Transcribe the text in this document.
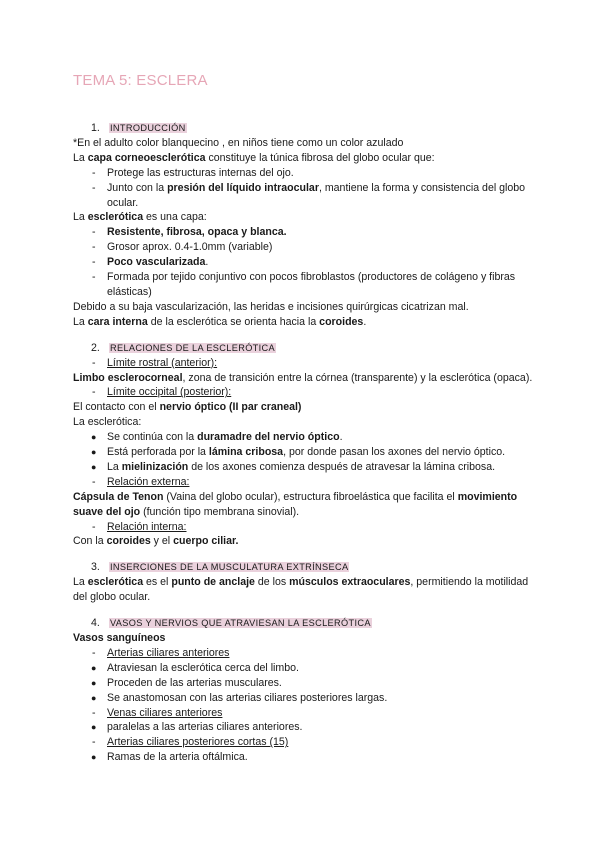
TEMA 5: ESCLERA
1. INTRODUCCIÓN
*En el adulto color blanquecino , en niños tiene como un color azulado
La capa corneoesclerótica constituye la túnica fibrosa del globo ocular que:
- Protege las estructuras internas del ojo.
- Junto con la presión del líquido intraocular, mantiene la forma y consistencia del globo ocular.
La esclerótica es una capa:
- Resistente, fibrosa, opaca y blanca.
- Grosor aprox. 0.4-1.0mm (variable)
- Poco vascularizada.
- Formada por tejido conjuntivo con pocos fibroblastos (productores de colágeno y fibras elásticas)
Debido a su baja vascularización, las heridas e incisiones quirúrgicas cicatrizan mal.
La cara interna de la esclerótica se orienta hacia la coroides.
2. RELACIONES DE LA ESCLERÓTICA
- Límite rostral (anterior):
Limbo esclerocorneal, zona de transición entre la córnea (transparente) y la esclerótica (opaca).
- Límite occipital (posterior):
El contacto con el nervio óptico (II par craneal)
La esclerótica:
● Se continúa con la duramadre del nervio óptico.
● Está perforada por la lámina cribosa, por donde pasan los axones del nervio óptico.
● La mielinización de los axones comienza después de atravesar la lámina cribosa.
- Relación externa:
Cápsula de Tenon (Vaina del globo ocular), estructura fibroelástica que facilita el movimiento suave del ojo (función tipo membrana sinovial).
- Relación interna:
Con la coroides y el cuerpo ciliar.
3. INSERCIONES DE LA MUSCULATURA EXTRÍNSECA
La esclerótica es el punto de anclaje de los músculos extraoculares, permitiendo la motilidad del globo ocular.
4. VASOS Y NERVIOS QUE ATRAVIESAN LA ESCLERÓTICA
Vasos sanguíneos
- Arterias ciliares anteriores
● Atraviesan la esclerótica cerca del limbo.
● Proceden de las arterias musculares.
● Se anastomosan con las arterias ciliares posteriores largas.
- Venas ciliares anteriores
● paralelas a las arterias ciliares anteriores.
- Arterias ciliares posteriores cortas (15)
● Ramas de la arteria oftálmica.
